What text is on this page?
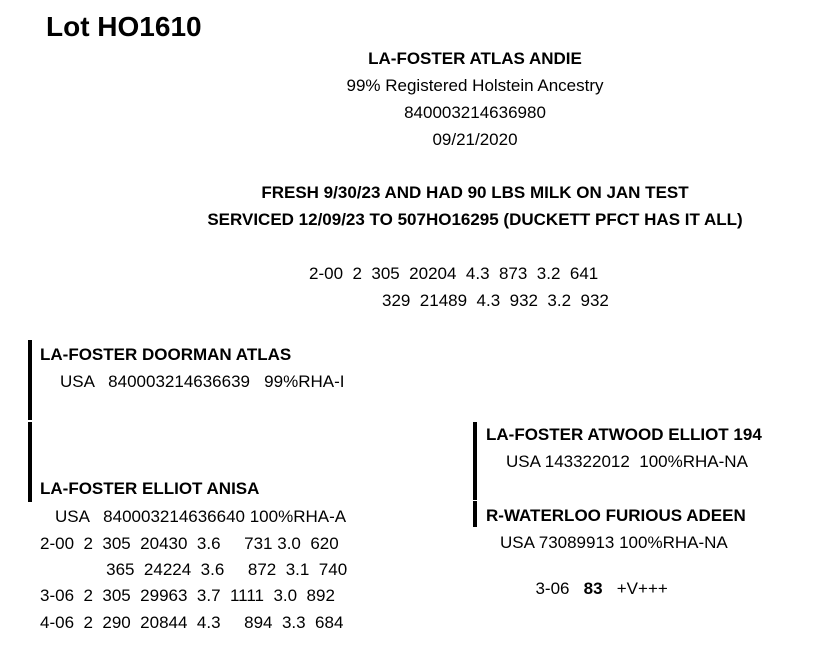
Lot HO1610
LA-FOSTER ATLAS ANDIE
99% Registered Holstein Ancestry
840003214636980
09/21/2020
FRESH 9/30/23 AND HAD 90 LBS MILK ON JAN TEST
SERVICED 12/09/23 TO 507HO16295 (DUCKETT PFCT HAS IT ALL)
2-00  2  305  20204  4.3  873  3.2  641
329  21489  4.3  932  3.2  932
LA-FOSTER DOORMAN ATLAS
USA   840003214636639   99%RHA-I
LA-FOSTER ELLIOT ANISA
USA   840003214636640 100%RHA-A
2-00  2  305  20430  3.6     731 3.0  620
365  24224  3.6     872  3.1  740
3-06  2  305  29963  3.7  1111  3.0  892
4-06  2  290  20844  4.3     894  3.3  684
LA-FOSTER ATWOOD ELLIOT 194
USA 143322012  100%RHA-NA
R-WATERLOO FURIOUS ADEEN
USA 73089913 100%RHA-NA

3-06 83 +V+++
